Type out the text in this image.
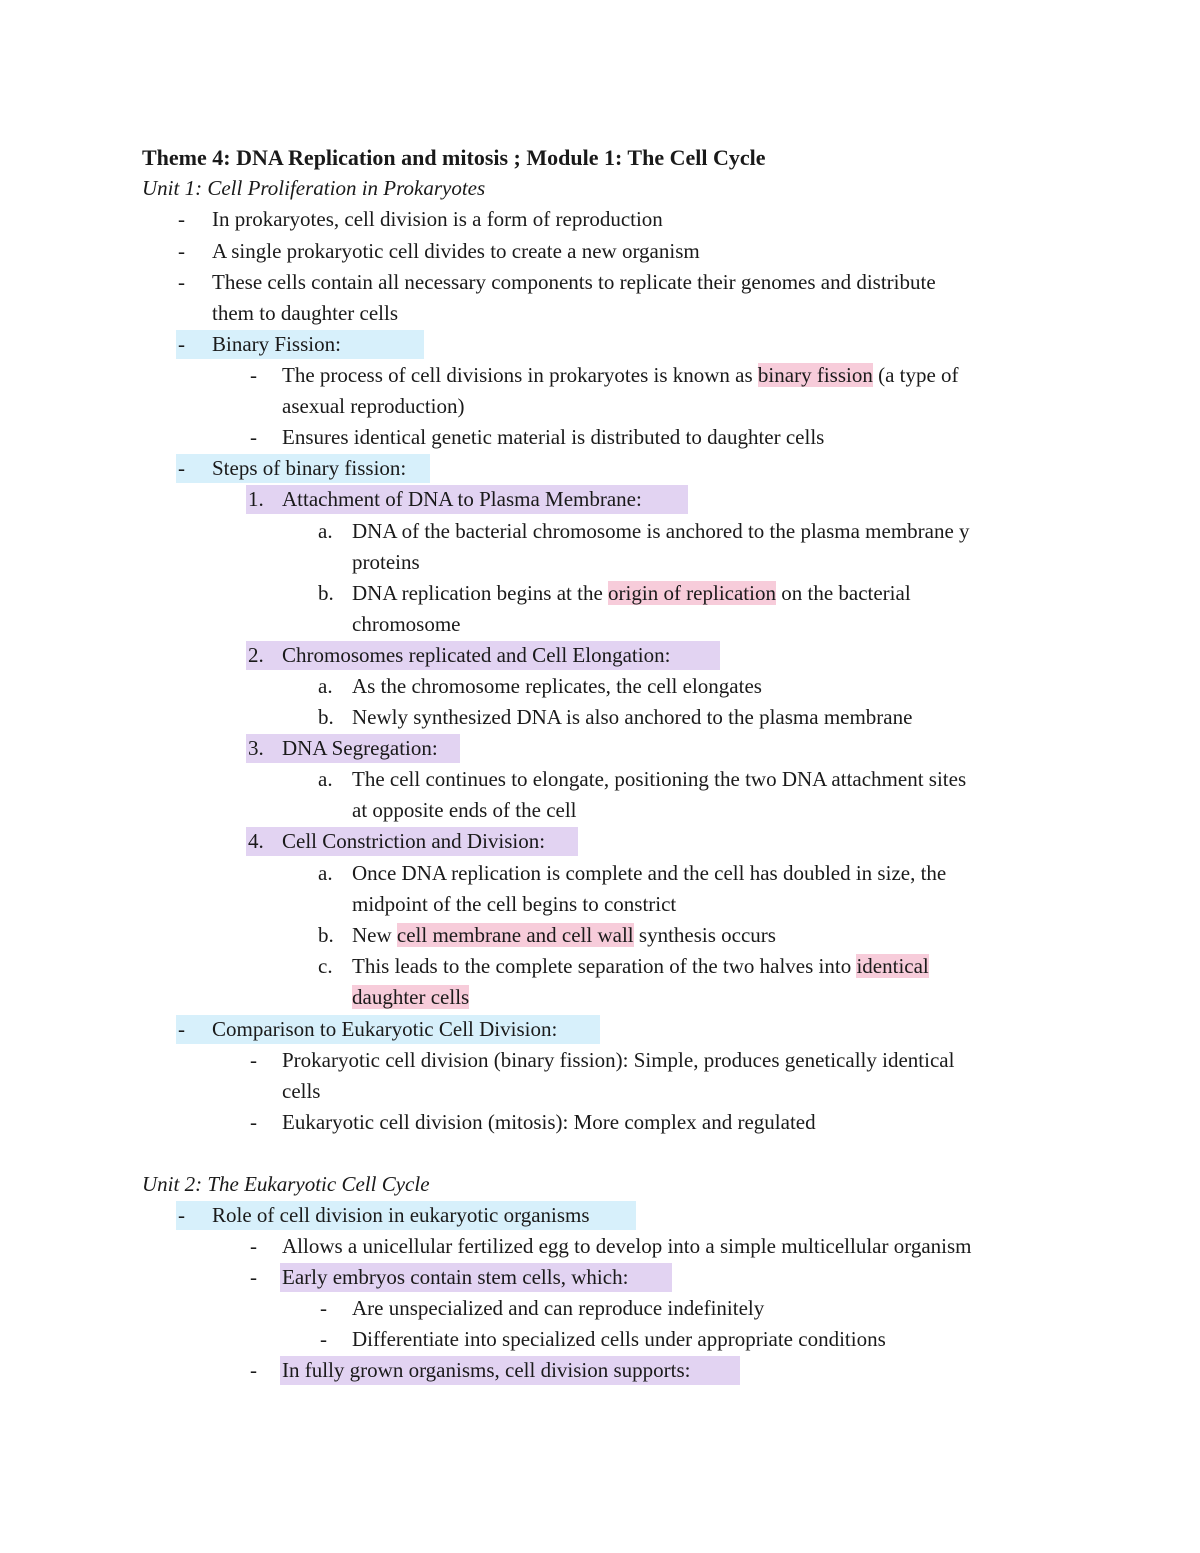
Theme 4: DNA Replication and mitosis ; Module 1: The Cell Cycle
Unit 1: Cell Proliferation in Prokaryotes
- In prokaryotes, cell division is a form of reproduction
- A single prokaryotic cell divides to create a new organism
- These cells contain all necessary components to replicate their genomes and distribute
them to daughter cells
- Binary Fission:
- The process of cell divisions in prokaryotes is known as binary fission (a type of
asexual reproduction)
- Ensures identical genetic material is distributed to daughter cells
- Steps of binary fission:
1. Attachment of DNA to Plasma Membrane:
a. DNA of the bacterial chromosome is anchored to the plasma membrane y
proteins
b. DNA replication begins at the origin of replication on the bacterial
chromosome
2. Chromosomes replicated and Cell Elongation:
a. As the chromosome replicates, the cell elongates
b. Newly synthesized DNA is also anchored to the plasma membrane
3. DNA Segregation:
a. The cell continues to elongate, positioning the two DNA attachment sites
at opposite ends of the cell
4. Cell Constriction and Division:
a. Once DNA replication is complete and the cell has doubled in size, the
midpoint of the cell begins to constrict
b. New cell membrane and cell wall synthesis occurs
c. This leads to the complete separation of the two halves into identical
daughter cells
- Comparison to Eukaryotic Cell Division:
- Prokaryotic cell division (binary fission): Simple, produces genetically identical
cells
- Eukaryotic cell division (mitosis): More complex and regulated
Unit 2: The Eukaryotic Cell Cycle
- Role of cell division in eukaryotic organisms
- Allows a unicellular fertilized egg to develop into a simple multicellular organism
- Early embryos contain stem cells, which:
- Are unspecialized and can reproduce indefinitely
- Differentiate into specialized cells under appropriate conditions
- In fully grown organisms, cell division supports:
